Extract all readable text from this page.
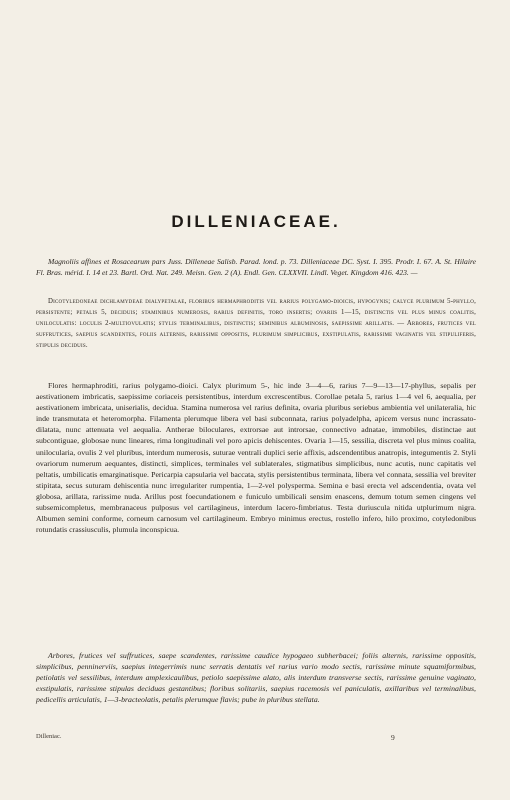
DILLENIACEAE.
Magnoliis affines et Rosacearum pars Juss. Dilleneae Salisb. Parad. lond. p. 73. Dilleniaceae DC. Syst. I. 395. Prodr. I. 67. A. St. Hilaire Fl. Bras. mérid. I. 14 et 23. Bartl. Ord. Nat. 249. Meisn. Gen. 2 (A). Endl. Gen. CLXXVII. Lindl. Veget. Kingdom 416. 423. —
Dicotyledoneae dichlamydeae dialypetalae, floribus hermaphroditis vel rarius polygamo-dioicis, hypogynis; calyce plurimum 5-phyllo, persistente; petalis 5, deciduis; staminibus numerosis, rarius definitis, toro insertis; ovariis 1—15, distinctis vel plus minus coalitis, uniloculatis: loculis 2-multiovulatis; stylis terminalibus, distinctis; seminibus albuminosis, saepissime arillatis. — Arbores, frutices vel suffrutices, saepius scandentes, foliis alternis, rarissime oppositis, plurimum simplicibus, exstipulatis, rarissime vaginatis vel stipuliferis, stipulis deciduis.
Flores hermaphroditi, rarius polygamo-dioici. Calyx plurimum 5-, hic inde 3—4—6, rarius 7—9—13—17-phyllus, sepalis per aestivationem imbricatis, saepissime coriaceis persistentibus, interdum excrescentibus. Corollae petala 5, rarius 1—4 vel 6, aequalia, per aestivationem imbricata, uniserialis, decidua. Stamina numerosa vel rarius definita, ovaria pluribus seriebus ambientia vel unilateralia, hic inde transmutata et heteromorpha. Filamenta plerumque libera vel basi subconnata, rarius polyadelpha, apicem versus nunc incrassato-dilatata, nunc attenuata vel aequalia. Antherae biloculares, extrorsae aut introrsae, connectivo adnatae, immobiles, distinctae aut subcontiguae, globosae nunc lineares, rima longitudinali vel poro apicis dehiscentes. Ovaria 1—15, sessilia, discreta vel plus minus coalita, unilocularia, ovulis 2 vel pluribus, interdum numerosis, suturae ventrali duplici serie affixis, adscendentibus anatropis, integumentis 2. Styli ovariorum numerum aequantes, distincti, simplices, terminales vel sublaterales, stigmatibus simplicibus, nunc acutis, nunc capitatis vel peltatis, umbilicatis emarginatisque. Pericarpia capsularia vel baccata, stylis persistentibus terminata, libera vel connata, sessilia vel breviter stipitata, secus suturam dehiscentia nunc irregulariter rumpentia, 1—2-vel polysperma. Semina e basi erecta vel adscendentia, ovata vel globosa, arillata, rarissime nuda. Arillus post foecundationem e funiculo umbilicali sensim enascens, demum totum semen cingens vel subsemicompletus, membranaceus pulposus vel cartilagineus, interdum lacero-fimbriatus. Testa duriuscula nitida utplurimum nigra. Albumen semini conforme, corneum carnosum vel cartilagineum. Embryo minimus erectus, rostello infero, hilo proximo, cotyledonibus rotundatis crassiusculis, plumula inconspicua.
Arbores, frutices vel suffrutices, saepe scandentes, rarissime caudice hypogaeo subherbacei; foliis alternis, rarissime oppositis, simplicibus, penninerviis, saepius integerrimis nunc serratis dentatis vel rarius vario modo sectis, rarissime minute squamiformibus, petiolatis vel sessilibus, interdum amplexicaulibus, petiolo saepissime alato, alis interdum transverse sectis, rarissime genuine vaginato, exstipulatis, rarissime stipulas deciduas gestantibus; floribus solitariis, saepius racemosis vel paniculatis, axillaribus vel terminalibus, pedicellis articulatis, 1—3-bracteolatis, petalis plerumque flavis; pube in pluribus stellata.
Dilleniac.	9
